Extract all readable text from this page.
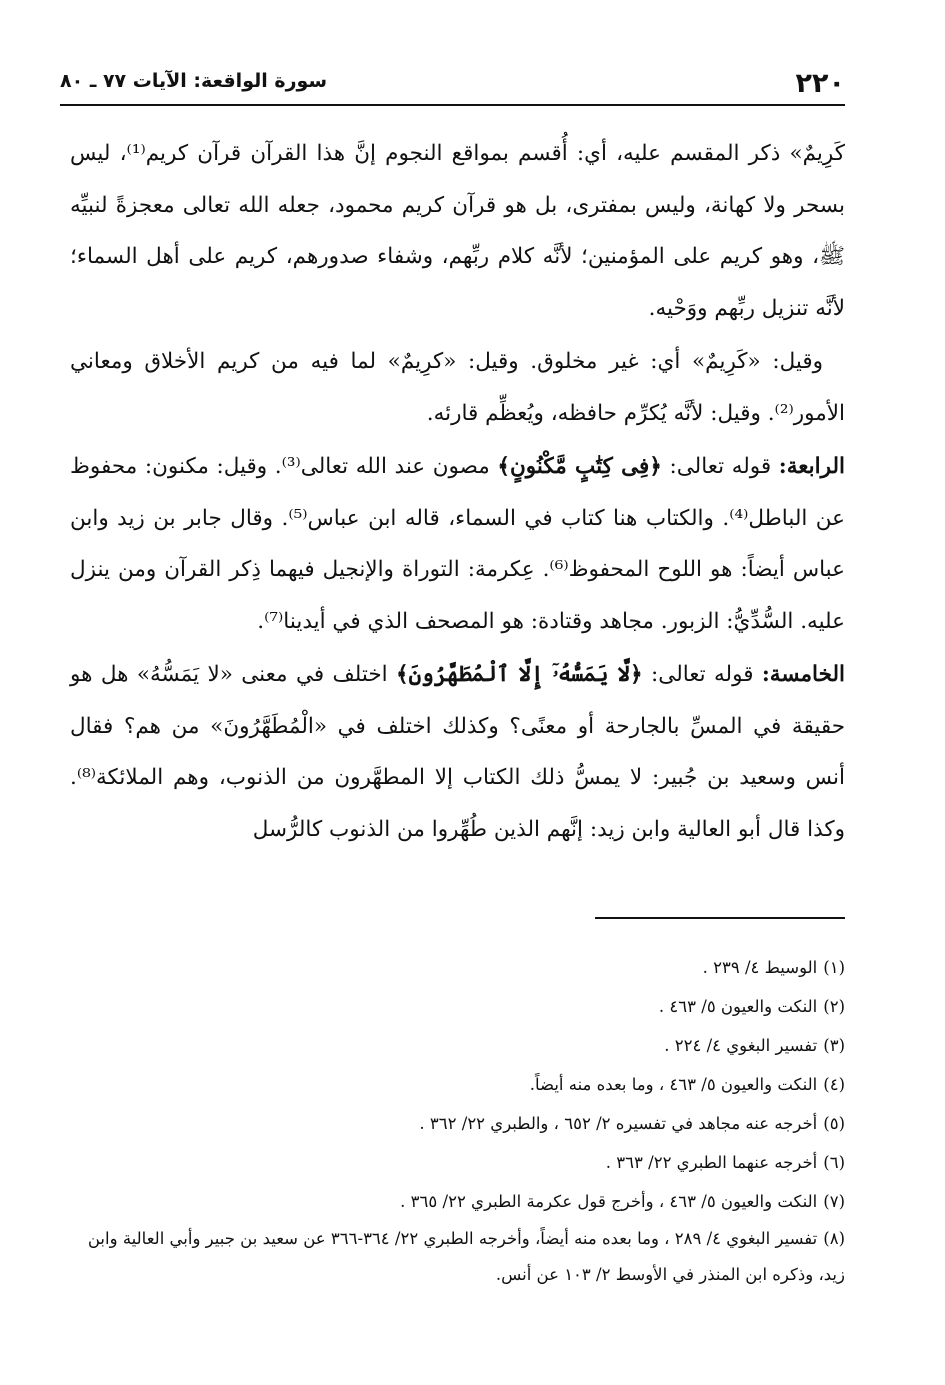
٢٢٠
سورة الواقعة: الآيات ٧٧ ـ ٨٠

كَرِيمٌ» ذكر المقسم عليه، أي: أُقسم بمواقع النجوم إنَّ هذا القرآن قرآن كريم⁽¹⁾، ليس بسحر ولا كهانة، وليس بمفترى، بل هو قرآن كريم محمود، جعله الله تعالى معجزةً لنبيِّه ﷺ، وهو كريم على المؤمنين؛ لأنَّه كلام ربِّهم، وشفاء صدورهم، كريم على أهل السماء؛ لأنَّه تنزيل ربِّهم ووَحْيه.

وقيل: «كَرِيمٌ» أي: غير مخلوق. وقيل: «كرِيمٌ» لما فيه من كريم الأخلاق ومعاني الأمور⁽²⁾. وقيل: لأنَّه يُكرِّم حافظه، ويُعظِّم قارئه.

الرابعة: قوله تعالى: ﴿فِى كِتَٰبٍ مَّكْنُونٍ﴾ مصون عند الله تعالى⁽³⁾. وقيل: مكنون: محفوظ عن الباطل⁽⁴⁾. والكتاب هنا كتاب في السماء، قاله ابن عباس⁽⁵⁾. وقال جابر بن زيد وابن عباس أيضاً: هو اللوح المحفوظ⁽⁶⁾. عِكرمة: التوراة والإنجيل فيهما ذِكر القرآن ومن ينزل عليه. السُّدِّيُّ: الزبور. مجاهد وقتادة: هو المصحف الذي في أيدينا⁽⁷⁾.

الخامسة: قوله تعالى: ﴿لَّا يَمَسُّهُۥٓ إِلَّا ٱلْمُطَهَّرُونَ﴾ اختلف في معنى «لا يَمَسُّهُ» هل هو حقيقة في المسِّ بالجارحة أو معنًى؟ وكذلك اختلف في «الْمُطَهَّرُونَ» من هم؟ فقال أنس وسعيد بن جُبير: لا يمسُّ ذلك الكتاب إلا المطهَّرون من الذنوب، وهم الملائكة⁽⁸⁾. وكذا قال أبو العالية وابن زيد: إنَّهم الذين طُهِّروا من الذنوب كالرُّسل

(١)الوسيط ٤/ ٢٣٩ .

(٢)النكت والعيون ٥/ ٤٦٣ .

(٣)تفسير البغوي ٤/ ٢٢٤ .

(٤)النكت والعيون ٥/ ٤٦٣ ، وما بعده منه أيضاً.

(٥)أخرجه عنه مجاهد في تفسيره ٢/ ٦٥٢ ، والطبري ٢٢/ ٣٦٢ .

(٦)أخرجه عنهما الطبري ٢٢/ ٣٦٣ .

(٧)النكت والعيون ٥/ ٤٦٣ ، وأخرج قول عكرمة الطبري ٢٢/ ٣٦٥ .

(٨)تفسير البغوي ٤/ ٢٨٩ ، وما بعده منه أيضاً، وأخرجه الطبري ٢٢/ ٣٦٤-٣٦٦ عن سعيد بن جبير وأبي العالية وابن زيد، وذكره ابن المنذر في الأوسط ٢/ ١٠٣ عن أنس.
